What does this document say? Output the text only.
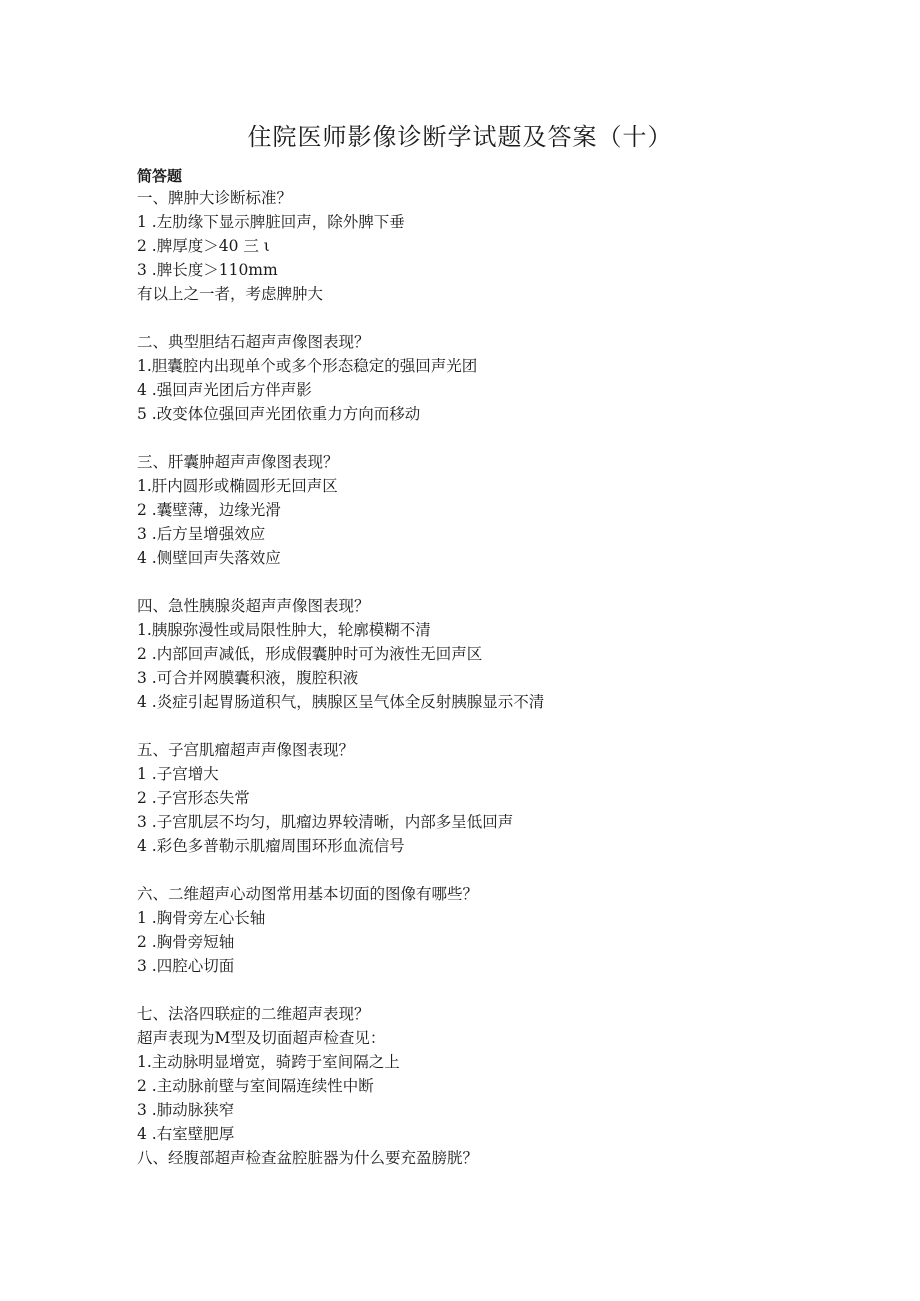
住院医师影像诊断学试题及答案（十）
简答题
一、脾肿大诊断标准？
1 .左肋缘下显示脾脏回声，除外脾下垂
2 .脾厚度＞40 三 ι
3 .脾长度＞110mm
有以上之一者，考虑脾肿大
二、典型胆结石超声声像图表现？
1.胆囊腔内出现单个或多个形态稳定的强回声光团
4 .强回声光团后方伴声影
5 .改变体位强回声光团依重力方向而移动
三、肝囊肿超声声像图表现？
1.肝内圆形或椭圆形无回声区
2 .囊壁薄，边缘光滑
3 .后方呈增强效应
4 .侧壁回声失落效应
四、急性胰腺炎超声声像图表现？
1.胰腺弥漫性或局限性肿大，轮廓模糊不清
2 .内部回声减低，形成假囊肿时可为液性无回声区
3 .可合并网膜囊积液，腹腔积液
4 .炎症引起胃肠道积气，胰腺区呈气体全反射胰腺显示不清
五、子宫肌瘤超声声像图表现？
1 .子宫增大
2 .子宫形态失常
3 .子宫肌层不均匀，肌瘤边界较清晰，内部多呈低回声
4 .彩色多普勒示肌瘤周围环形血流信号
六、二维超声心动图常用基本切面的图像有哪些？
1 .胸骨旁左心长轴
2 .胸骨旁短轴
3 .四腔心切面
七、法洛四联症的二维超声表现？
超声表现为M型及切面超声检查见：
1.主动脉明显增宽，骑跨于室间隔之上
2 .主动脉前壁与室间隔连续性中断
3 .肺动脉狭窄
4 .右室壁肥厚
八、经腹部超声检查盆腔脏器为什么要充盈膀胱？
